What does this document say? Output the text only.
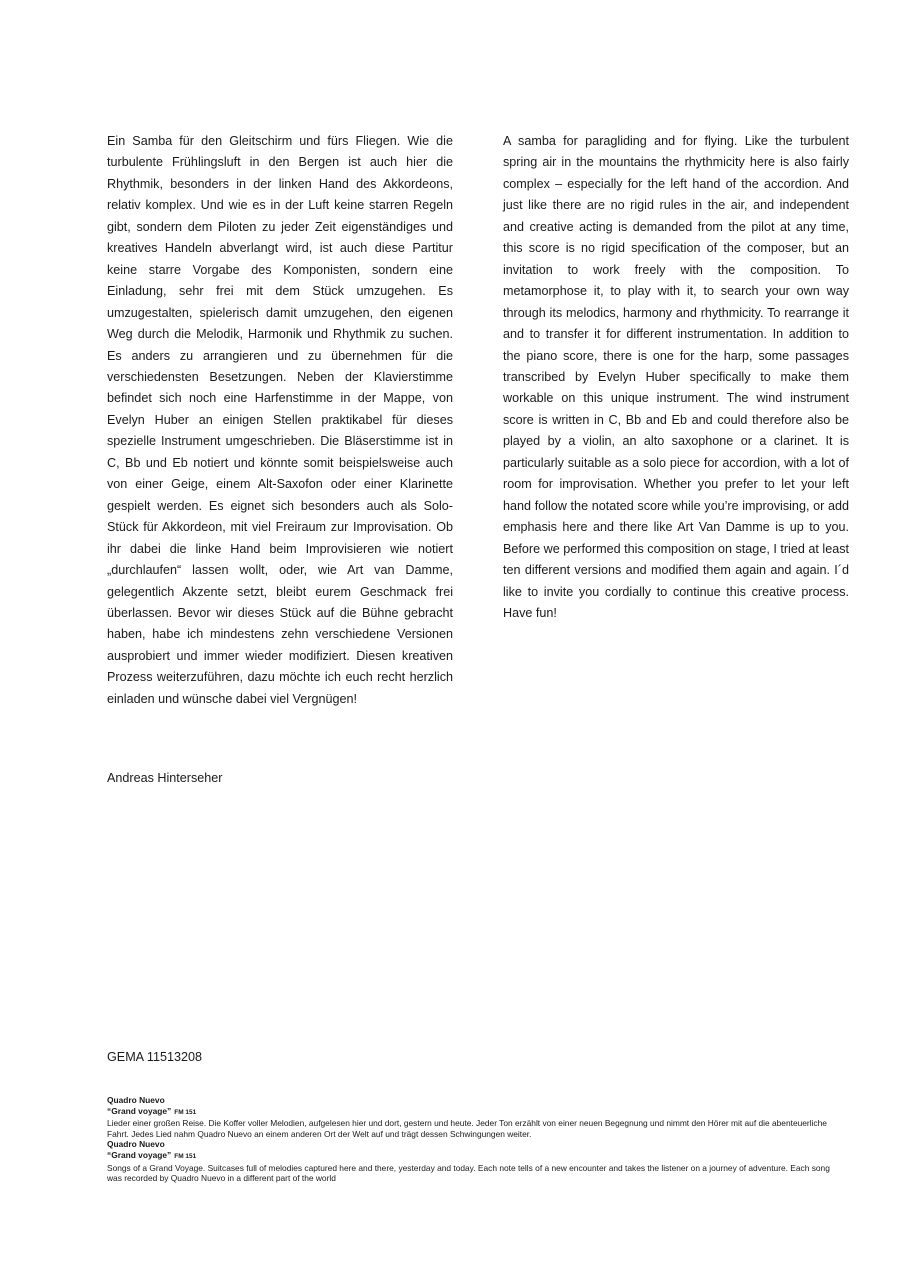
Ein Samba für den Gleitschirm und fürs Fliegen. Wie die turbulente Frühlingsluft in den Bergen ist auch hier die Rhythmik, besonders in der linken Hand des Akkordeons, relativ komplex. Und wie es in der Luft keine starren Regeln gibt, sondern dem Piloten zu jeder Zeit eigenständiges und kreatives Handeln abverlangt wird, ist auch diese Partitur keine starre Vorgabe des Komponisten, sondern eine Einladung, sehr frei mit dem Stück umzugehen. Es umzugestalten, spielerisch damit umzugehen, den eigenen Weg durch die Melodik, Harmonik und Rhythmik zu suchen. Es anders zu arrangieren und zu übernehmen für die verschiedensten Besetzungen. Neben der Klavierstimme befindet sich noch eine Harfenstimme in der Mappe, von Evelyn Huber an einigen Stellen praktikabel für dieses spezielle Instrument umgeschrieben. Die Bläserstimme ist in C, Bb und Eb notiert und könnte somit beispielsweise auch von einer Geige, einem Alt-Saxofon oder einer Klarinette gespielt werden. Es eignet sich besonders auch als Solo-Stück für Akkordeon, mit viel Freiraum zur Improvisation. Ob ihr dabei die linke Hand beim Improvisieren wie notiert „durchlaufen“ lassen wollt, oder, wie Art van Damme, gelegentlich Akzente setzt, bleibt eurem Geschmack frei überlassen. Bevor wir dieses Stück auf die Bühne gebracht haben, habe ich mindestens zehn verschiedene Versionen ausprobiert und immer wieder modifiziert. Diesen kreativen Prozess weiterzuführen, dazu möchte ich euch recht herzlich einladen und wünsche dabei viel Vergnügen!

A samba for paragliding and for flying. Like the turbulent spring air in the mountains the rhythmicity here is also fairly complex – especially for the left hand of the accordion. And just like there are no rigid rules in the air, and independent and creative acting is demanded from the pilot at any time, this score is no rigid specification of the composer, but an invitation to work freely with the composition. To metamorphose it, to play with it, to search your own way through its melodics, harmony and rhythmicity. To rearrange it and to transfer it for different instrumentation. In addition to the piano score, there is one for the harp, some passages transcribed by Evelyn Huber specifically to make them workable on this unique instrument. The wind instrument score is written in C, Bb and Eb and could therefore also be played by a violin, an alto saxophone or a clarinet. It is particularly suitable as a solo piece for accordion, with a lot of room for improvisation. Whether you prefer to let your left hand follow the notated score while you’re improvising, or add emphasis here and there like Art Van Damme is up to you. Before we performed this composition on stage, I tried at least ten different versions and modified them again and again. I´d like to invite you cordially to continue this creative process. Have fun!

Andreas Hinterseher
GEMA 11513208
Quadro Nuevo
“Grand voyage” FM 151

Lieder einer großen Reise. Die Koffer voller Melodien, aufgelesen hier und dort, gestern und heute. Jeder Ton erzählt von einer neuen Begegnung und nimmt den Hörer mit auf die abenteuerliche Fahrt. Jedes Lied nahm Quadro Nuevo an einem anderen Ort der Welt auf und trägt dessen Schwingungen weiter.

Quadro Nuevo
“Grand voyage” FM 151

Songs of a Grand Voyage. Suitcases full of melodies captured here and there, yesterday and today. Each note tells of a new encounter and takes the listener on a journey of adventure. Each song was recorded by Quadro Nuevo in a different part of the world
